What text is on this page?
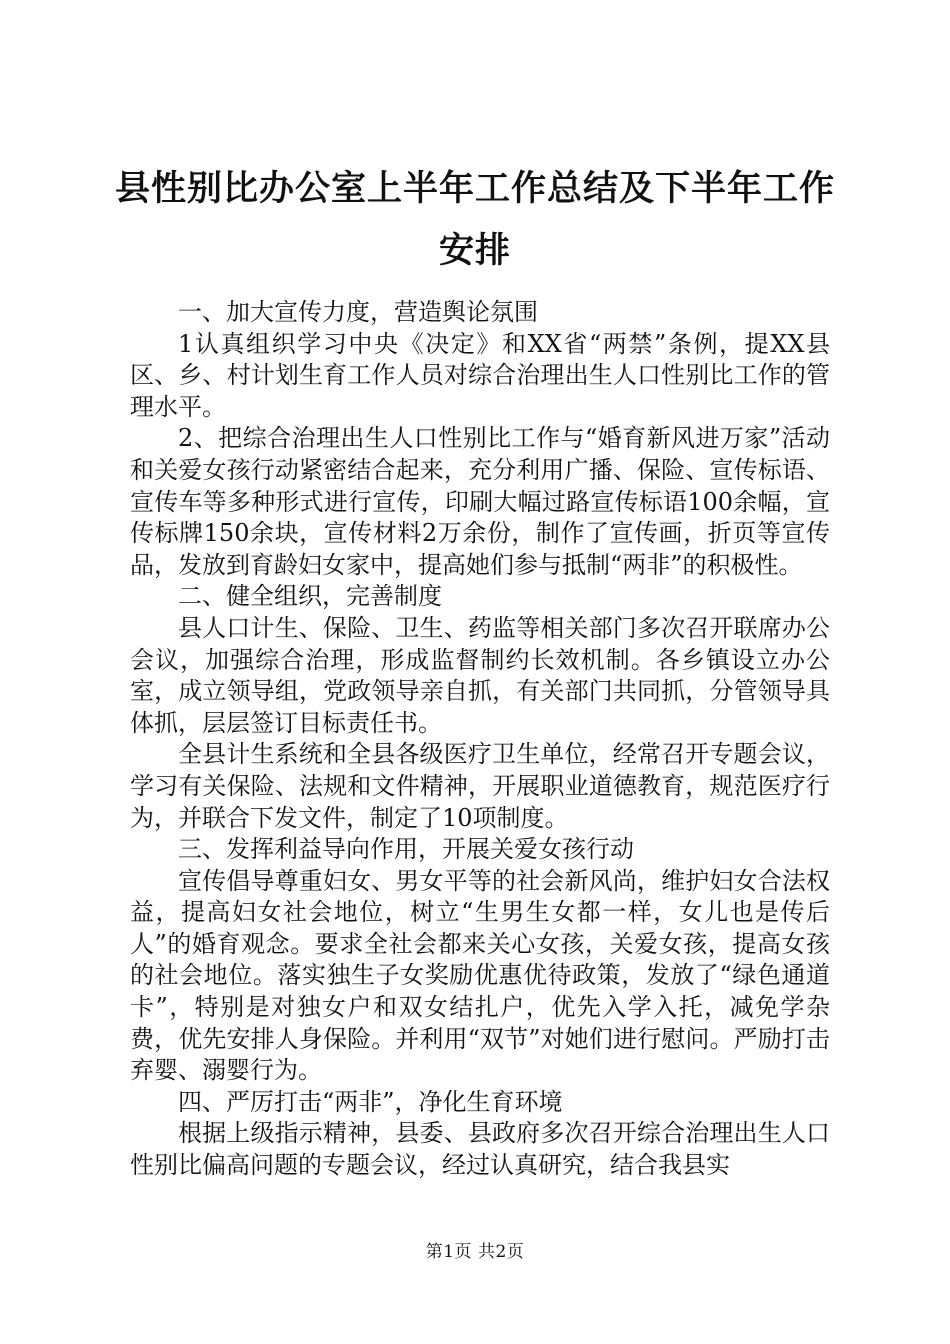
县性别比办公室上半年工作总结及下半年工作安排

一、加大宣传力度，营造舆论氛围

1认真组织学习中央《决定》和XX省“两禁”条例，提XX县区、乡、村计划生育工作人员对综合治理出生人口性别比工作的管理水平。

2、把综合治理出生人口性别比工作与“婚育新风进万家”活动和关爱女孩行动紧密结合起来，充分利用广播、保险、宣传标语、宣传车等多种形式进行宣传，印刷大幅过路宣传标语100余幅，宣传标牌150余块，宣传材料2万余份，制作了宣传画，折页等宣传品，发放到育龄妇女家中，提高她们参与抵制“两非”的积极性。

二、健全组织，完善制度

县人口计生、保险、卫生、药监等相关部门多次召开联席办公会议，加强综合治理，形成监督制约长效机制。各乡镇设立办公室，成立领导组，党政领导亲自抓，有关部门共同抓，分管领导具体抓，层层签订目标责任书。

全县计生系统和全县各级医疗卫生单位，经常召开专题会议，学习有关保险、法规和文件精神，开展职业道德教育，规范医疗行为，并联合下发文件，制定了10项制度。

三、发挥利益导向作用，开展关爱女孩行动

宣传倡导尊重妇女、男女平等的社会新风尚，维护妇女合法权益，提高妇女社会地位，树立“生男生女都一样，女儿也是传后人”的婚育观念。要求全社会都来关心女孩，关爱女孩，提高女孩的社会地位。落实独生子女奖励优惠优待政策，发放了“绿色通道卡”，特别是对独女户和双女结扎户，优先入学入托，减免学杂费，优先安排人身保险。并利用“双节”对她们进行慰问。严励打击弃婴、溺婴行为。

四、严厉打击“两非”，净化生育环境

根据上级指示精神，县委、县政府多次召开综合治理出生人口性别比偏高问题的专题会议，经过认真研究，结合我县实

第1页 共2页
